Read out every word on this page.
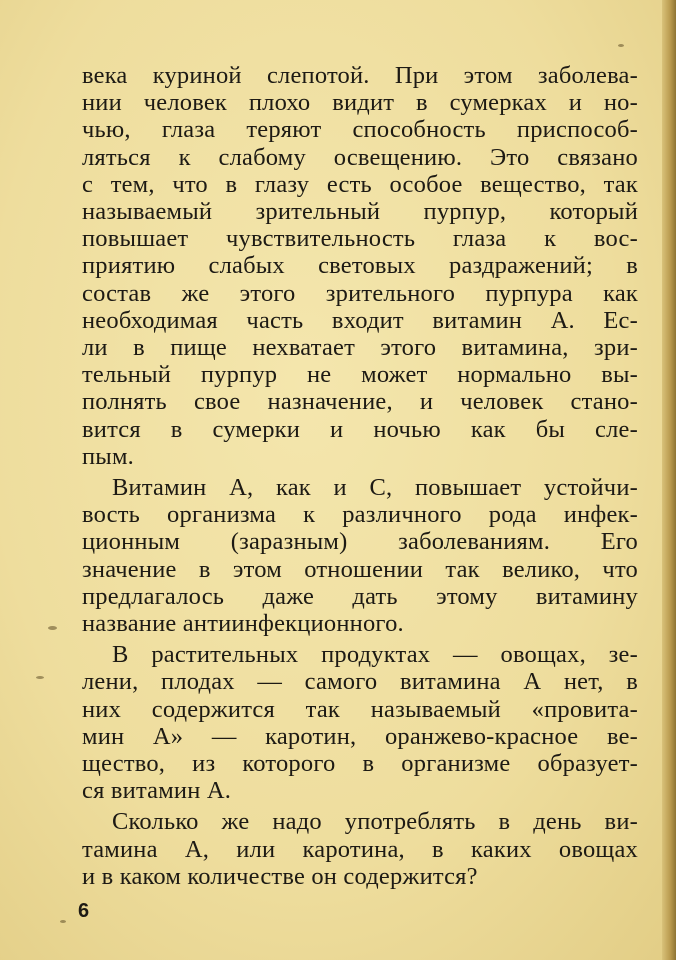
века куриной слепотой. При этом заболева-
нии человек плохо видит в сумерках и но-
чью, глаза теряют способность приспособ-
ляться к слабому освещению. Это связано
с тем, что в глазу есть особое вещество, так
называемый зрительный пурпур, который
повышает чувствительность глаза к вос-
приятию слабых световых раздражений; в
состав же этого зрительного пурпура как
необходимая часть входит витамин А. Ес-
ли в пище нехватает этого витамина, зри-
тельный пурпур не может нормально вы-
полнять свое назначение, и человек стано-
вится в сумерки и ночью как бы сле-
пым.
Витамин А, как и С, повышает устойчи-
вость организма к различного рода инфек-
ционным (заразным) заболеваниям. Его
значение в этом отношении так велико, что
предлагалось даже дать этому витамину
название антиинфекционного.
В растительных продуктах — овощах, зе-
лени, плодах — самого витамина А нет, в
них содержится так называемый «провита-
мин А» — каротин, оранжево-красное ве-
щество, из которого в организме образует-
ся витамин А.
Сколько же надо употреблять в день ви-
тамина А, или каротина, в каких овощах
и в каком количестве он содержится?
6
